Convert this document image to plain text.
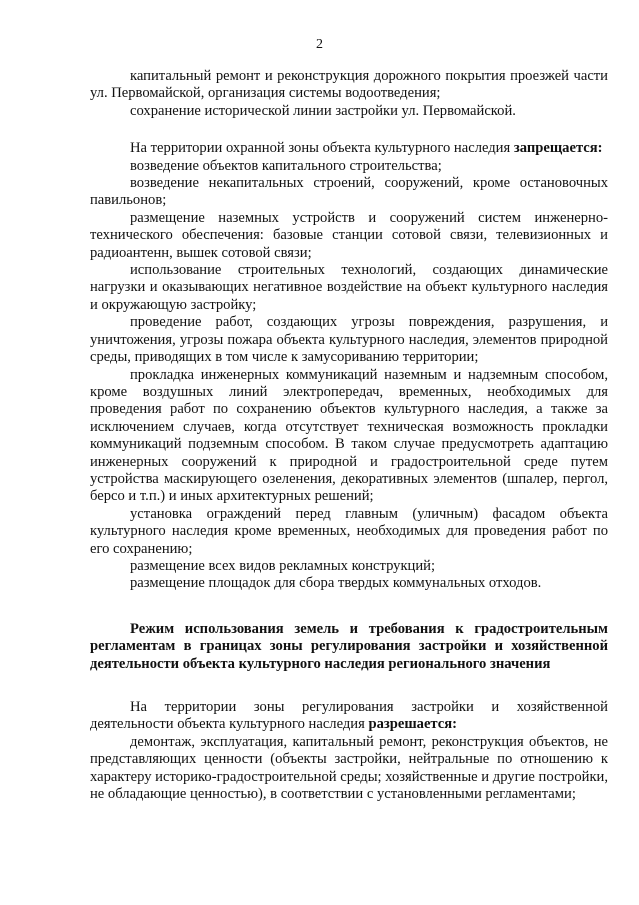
2

капитальный ремонт и реконструкция дорожного покрытия проезжей части ул. Первомайской, организация системы водоотведения;

сохранение исторической линии застройки ул. Первомайской.

На территории охранной зоны объекта культурного наследия запрещается:

возведение объектов капитального строительства;

возведение некапитальных строений, сооружений, кроме остановочных павильонов;

размещение наземных устройств и сооружений систем инженерно-технического обеспечения: базовые станции сотовой связи, телевизионных и радиоантенн, вышек сотовой связи;

использование строительных технологий, создающих динамические нагрузки и оказывающих негативное воздействие на объект культурного наследия и окружающую застройку;

проведение работ, создающих угрозы повреждения, разрушения, и уничтожения, угрозы пожара объекта культурного наследия, элементов природной среды, приводящих в том числе к замусориванию территории;

прокладка инженерных коммуникаций наземным и надземным способом, кроме воздушных линий электропередач, временных, необходимых для проведения работ по сохранению объектов культурного наследия, а также за исключением случаев, когда отсутствует техническая возможность прокладки коммуникаций подземным способом. В таком случае предусмотреть адаптацию инженерных сооружений к природной и градостроительной среде путем устройства маскирующего озеленения, декоративных элементов (шпалер, пергол, берсо и т.п.) и иных архитектурных решений;

установка ограждений перед главным (уличным) фасадом объекта культурного наследия кроме временных, необходимых для проведения работ по его сохранению;

размещение всех видов рекламных конструкций;

размещение площадок для сбора твердых коммунальных отходов.

Режим использования земель и требования к градостроительным регламентам в границах зоны регулирования застройки и хозяйственной деятельности объекта культурного наследия регионального значения

На территории зоны регулирования застройки и хозяйственной деятельности объекта культурного наследия разрешается:

демонтаж, эксплуатация, капитальный ремонт, реконструкция объектов, не представляющих ценности (объекты застройки, нейтральные по отношению к характеру историко-градостроительной среды; хозяйственные и другие постройки, не обладающие ценностью), в соответствии с установленными регламентами;
